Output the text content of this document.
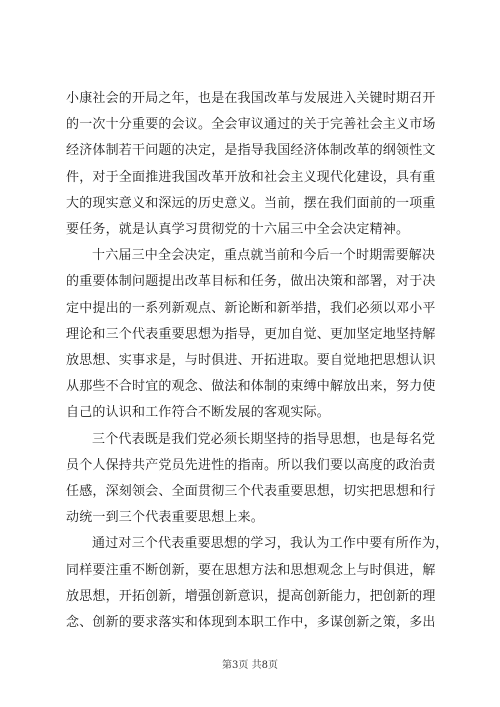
小康社会的开局之年，也是在我国改革与发展进入关键时期召开
的一次十分重要的会议。全会审议通过的关于完善社会主义市场
经济体制若干问题的决定，是指导我国经济体制改革的纲领性文
件，对于全面推进我国改革开放和社会主义现代化建设，具有重
大的现实意义和深远的历史意义。当前，摆在我们面前的一项重
要任务，就是认真学习贯彻党的十六届三中全会决定精神。

十六届三中全会决定，重点就当前和今后一个时期需要解决
的重要体制问题提出改革目标和任务，做出决策和部署，对于决
定中提出的一系列新观点、新论断和新举措，我们必须以邓小平
理论和三个代表重要思想为指导，更加自觉、更加坚定地坚持解
放思想、实事求是，与时俱进、开拓进取。要自觉地把思想认识
从那些不合时宜的观念、做法和体制的束缚中解放出来，努力使
自己的认识和工作符合不断发展的客观实际。

三个代表既是我们党必须长期坚持的指导思想，也是每名党
员个人保持共产党员先进性的指南。所以我们要以高度的政治责
任感，深刻领会、全面贯彻三个代表重要思想，切实把思想和行
动统一到三个代表重要思想上来。

通过对三个代表重要思想的学习，我认为工作中要有所作为，
同样要注重不断创新，要在思想方法和思想观念上与时俱进，解
放思想，开拓创新，增强创新意识，提高创新能力，把创新的理
念、创新的要求落实和体现到本职工作中，多谋创新之策，多出

第3页 共8页
